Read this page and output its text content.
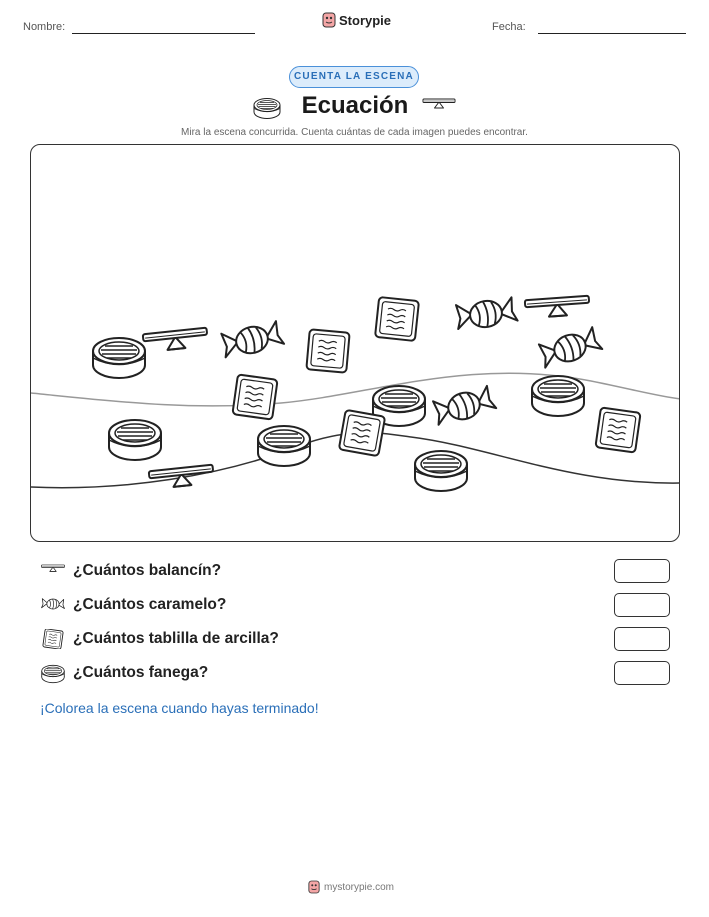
Nombre:	Storypie	Fecha:
CUENTA LA ESCENA
Ecuación
Mira la escena concurrida. Cuenta cuántas de cada imagen puedes encontrar.
¿Cuántos balancín?
¿Cuántos caramelo?
¿Cuántos tablilla de arcilla?
¿Cuántos fanega?
¡Colorea la escena cuando hayas terminado!
mystorypie.com
